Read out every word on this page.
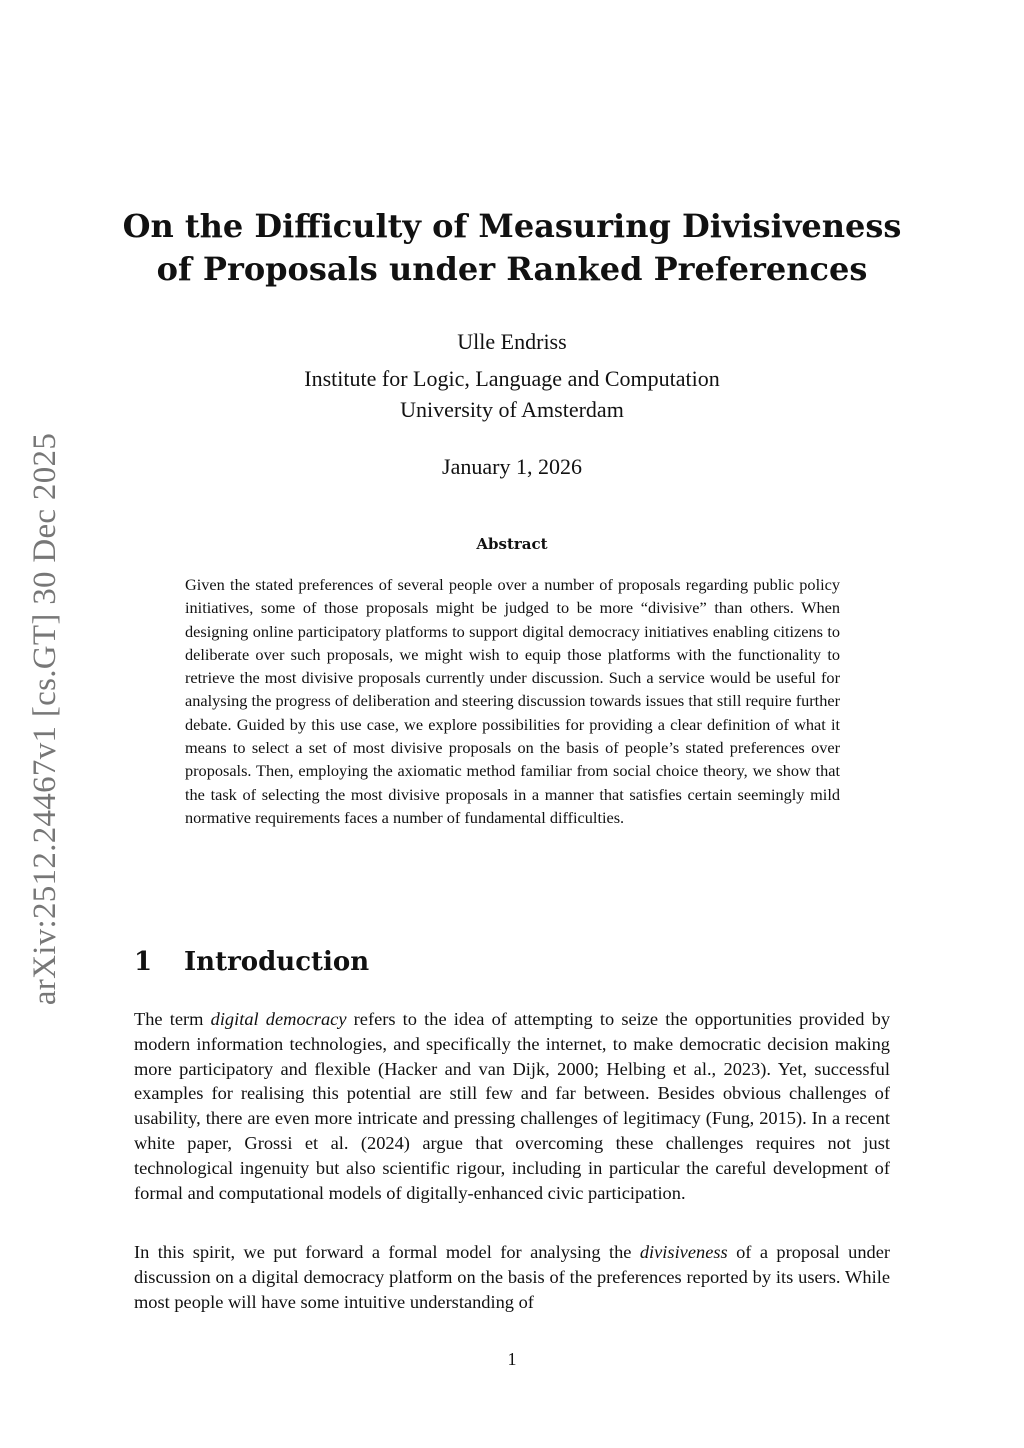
arXiv:2512.24467v1 [cs.GT] 30 Dec 2025
On the Difficulty of Measuring Divisiveness of Proposals under Ranked Preferences
Ulle Endriss
Institute for Logic, Language and Computation
University of Amsterdam
January 1, 2026
Abstract

Given the stated preferences of several people over a number of proposals regarding public policy initiatives, some of those proposals might be judged to be more “divisive” than others. When designing online participatory platforms to support digital democracy initiatives enabling citizens to deliberate over such proposals, we might wish to equip those platforms with the functionality to retrieve the most divisive proposals currently under discussion. Such a service would be useful for analysing the progress of deliberation and steering discussion towards issues that still require further debate. Guided by this use case, we explore possibilities for providing a clear definition of what it means to select a set of most divisive proposals on the basis of people’s stated preferences over proposals. Then, employing the axiomatic method familiar from social choice theory, we show that the task of selecting the most divisive proposals in a manner that satisfies certain seemingly mild normative requirements faces a number of fundamental difficulties.

1 Introduction

The term digital democracy refers to the idea of attempting to seize the opportunities provided by modern information technologies, and specifically the internet, to make democratic decision making more participatory and flexible (Hacker and van Dijk, 2000; Helbing et al., 2023). Yet, successful examples for realising this potential are still few and far between. Besides obvious challenges of usability, there are even more intricate and pressing challenges of legitimacy (Fung, 2015). In a recent white paper, Grossi et al. (2024) argue that overcoming these challenges requires not just technological ingenuity but also scientific rigour, including in particular the careful development of formal and computational models of digitally-enhanced civic participation.

In this spirit, we put forward a formal model for analysing the divisiveness of a proposal under discussion on a digital democracy platform on the basis of the preferences reported by its users. While most people will have some intuitive understanding of

1
